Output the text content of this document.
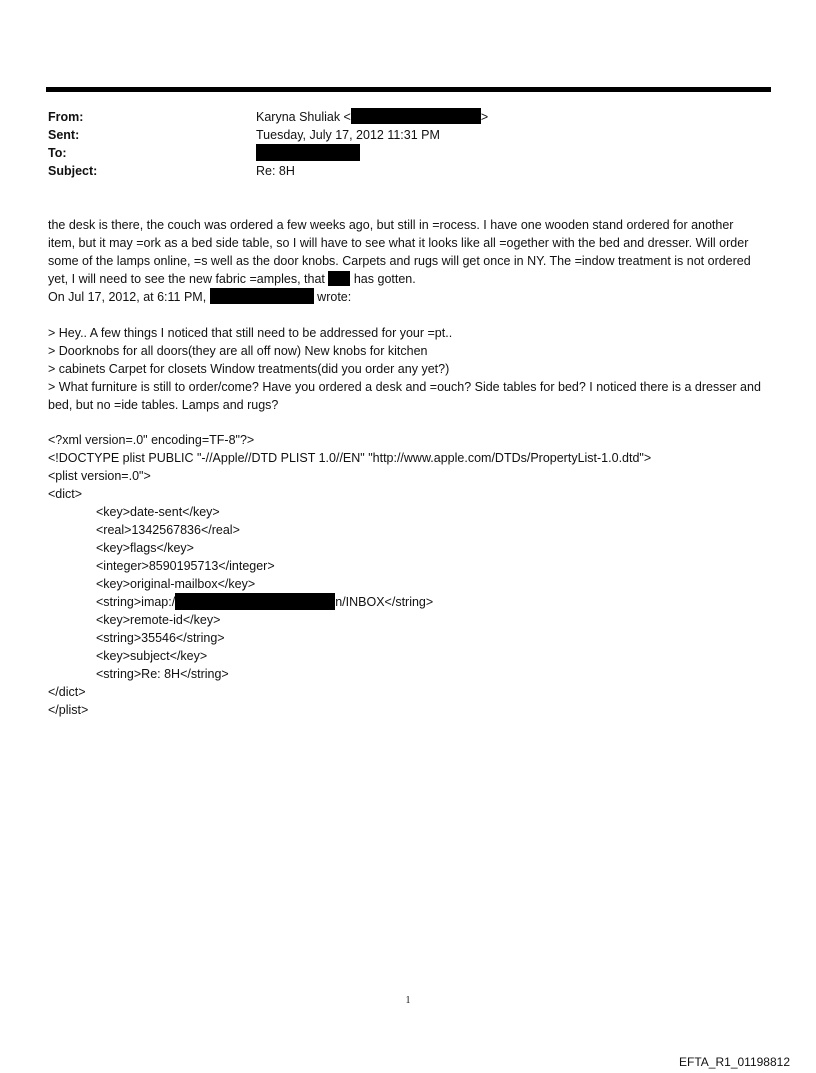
From:	Karyna Shuliak <	>
Sent:	Tuesday, July 17, 2012 11:31 PM
To:
Subject:	Re: 8H

the desk is there, the couch was ordered a few weeks ago, but still in =rocess. I have one wooden stand ordered for another item, but it may =ork as a bed side table, so I will have to see what it looks like all =ogether with the bed and dresser. Will order some of the lamps online, =s well as the door knobs. Carpets and rugs will get once in NY. The =indow treatment is not ordered yet, I will need to see the new fabric =amples, that has gotten.

On Jul 17, 2012, at 6:11 PM,	wrote:

> Hey.. A few things I noticed that still need to be addressed for your =pt..

> Doorknobs for all doors(they are all off now) New knobs for kitchen

> cabinets Carpet for closets Window treatments(did you order any yet?)

> What furniture is still to order/come? Have you ordered a desk and =ouch? Side tables for bed? I noticed there is a dresser and bed, but no =ide tables. Lamps and rugs?

<?xml version=.0" encoding=TF-8"?>
<!DOCTYPE plist PUBLIC "-//Apple//DTD PLIST 1.0//EN" "http://www.apple.com/DTDs/PropertyList-1.0.dtd">
<plist version=.0">
<dict>
<key>date-sent</key>
<real>1342567836</real>
<key>flags</key>
<integer>8590195713</integer>
<key>original-mailbox</key>
<string>imap:/	n/INBOX</string>
<key>remote-id</key>
<string>35546</string>
<key>subject</key>
<string>Re: 8H</string>
</dict>
</plist>
1
EFTA_R1_01198812
